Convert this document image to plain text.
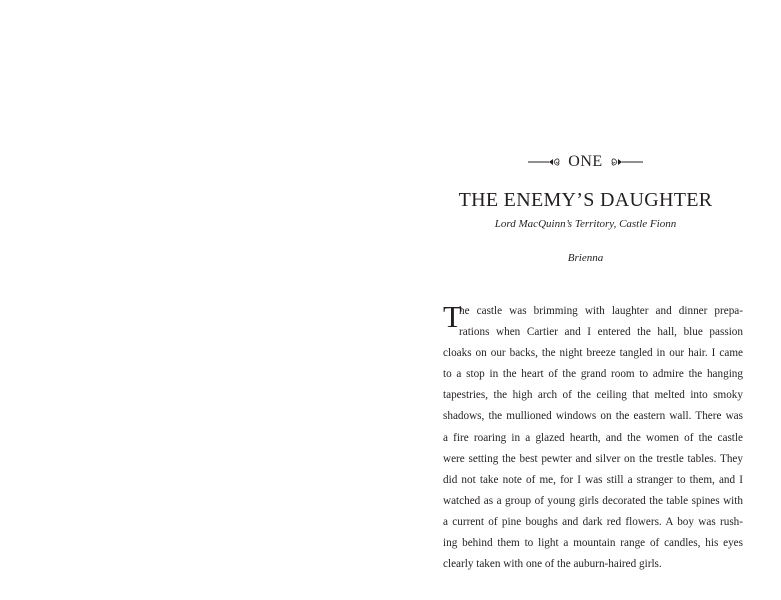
ONE
THE ENEMY’S DAUGHTER
Lord MacQuinn’s Territory, Castle Fionn
Brienna
T
he castle was brimming with laughter and dinner prepa-
rations when Cartier and I entered the hall, blue passion
cloaks on our backs, the night breeze tangled in our hair. I came
to a stop in the heart of the grand room to admire the hanging
tapestries, the high arch of the ceiling that melted into smoky
shadows, the mullioned windows on the eastern wall. There was
a fire roaring in a glazed hearth, and the women of the castle
were setting the best pewter and silver on the trestle tables. They
did not take note of me, for I was still a stranger to them, and I
watched as a group of young girls decorated the table spines with
a current of pine boughs and dark red flowers. A boy was rush-
ing behind them to light a mountain range of candles, his eyes
clearly taken with one of the auburn-haired girls.
